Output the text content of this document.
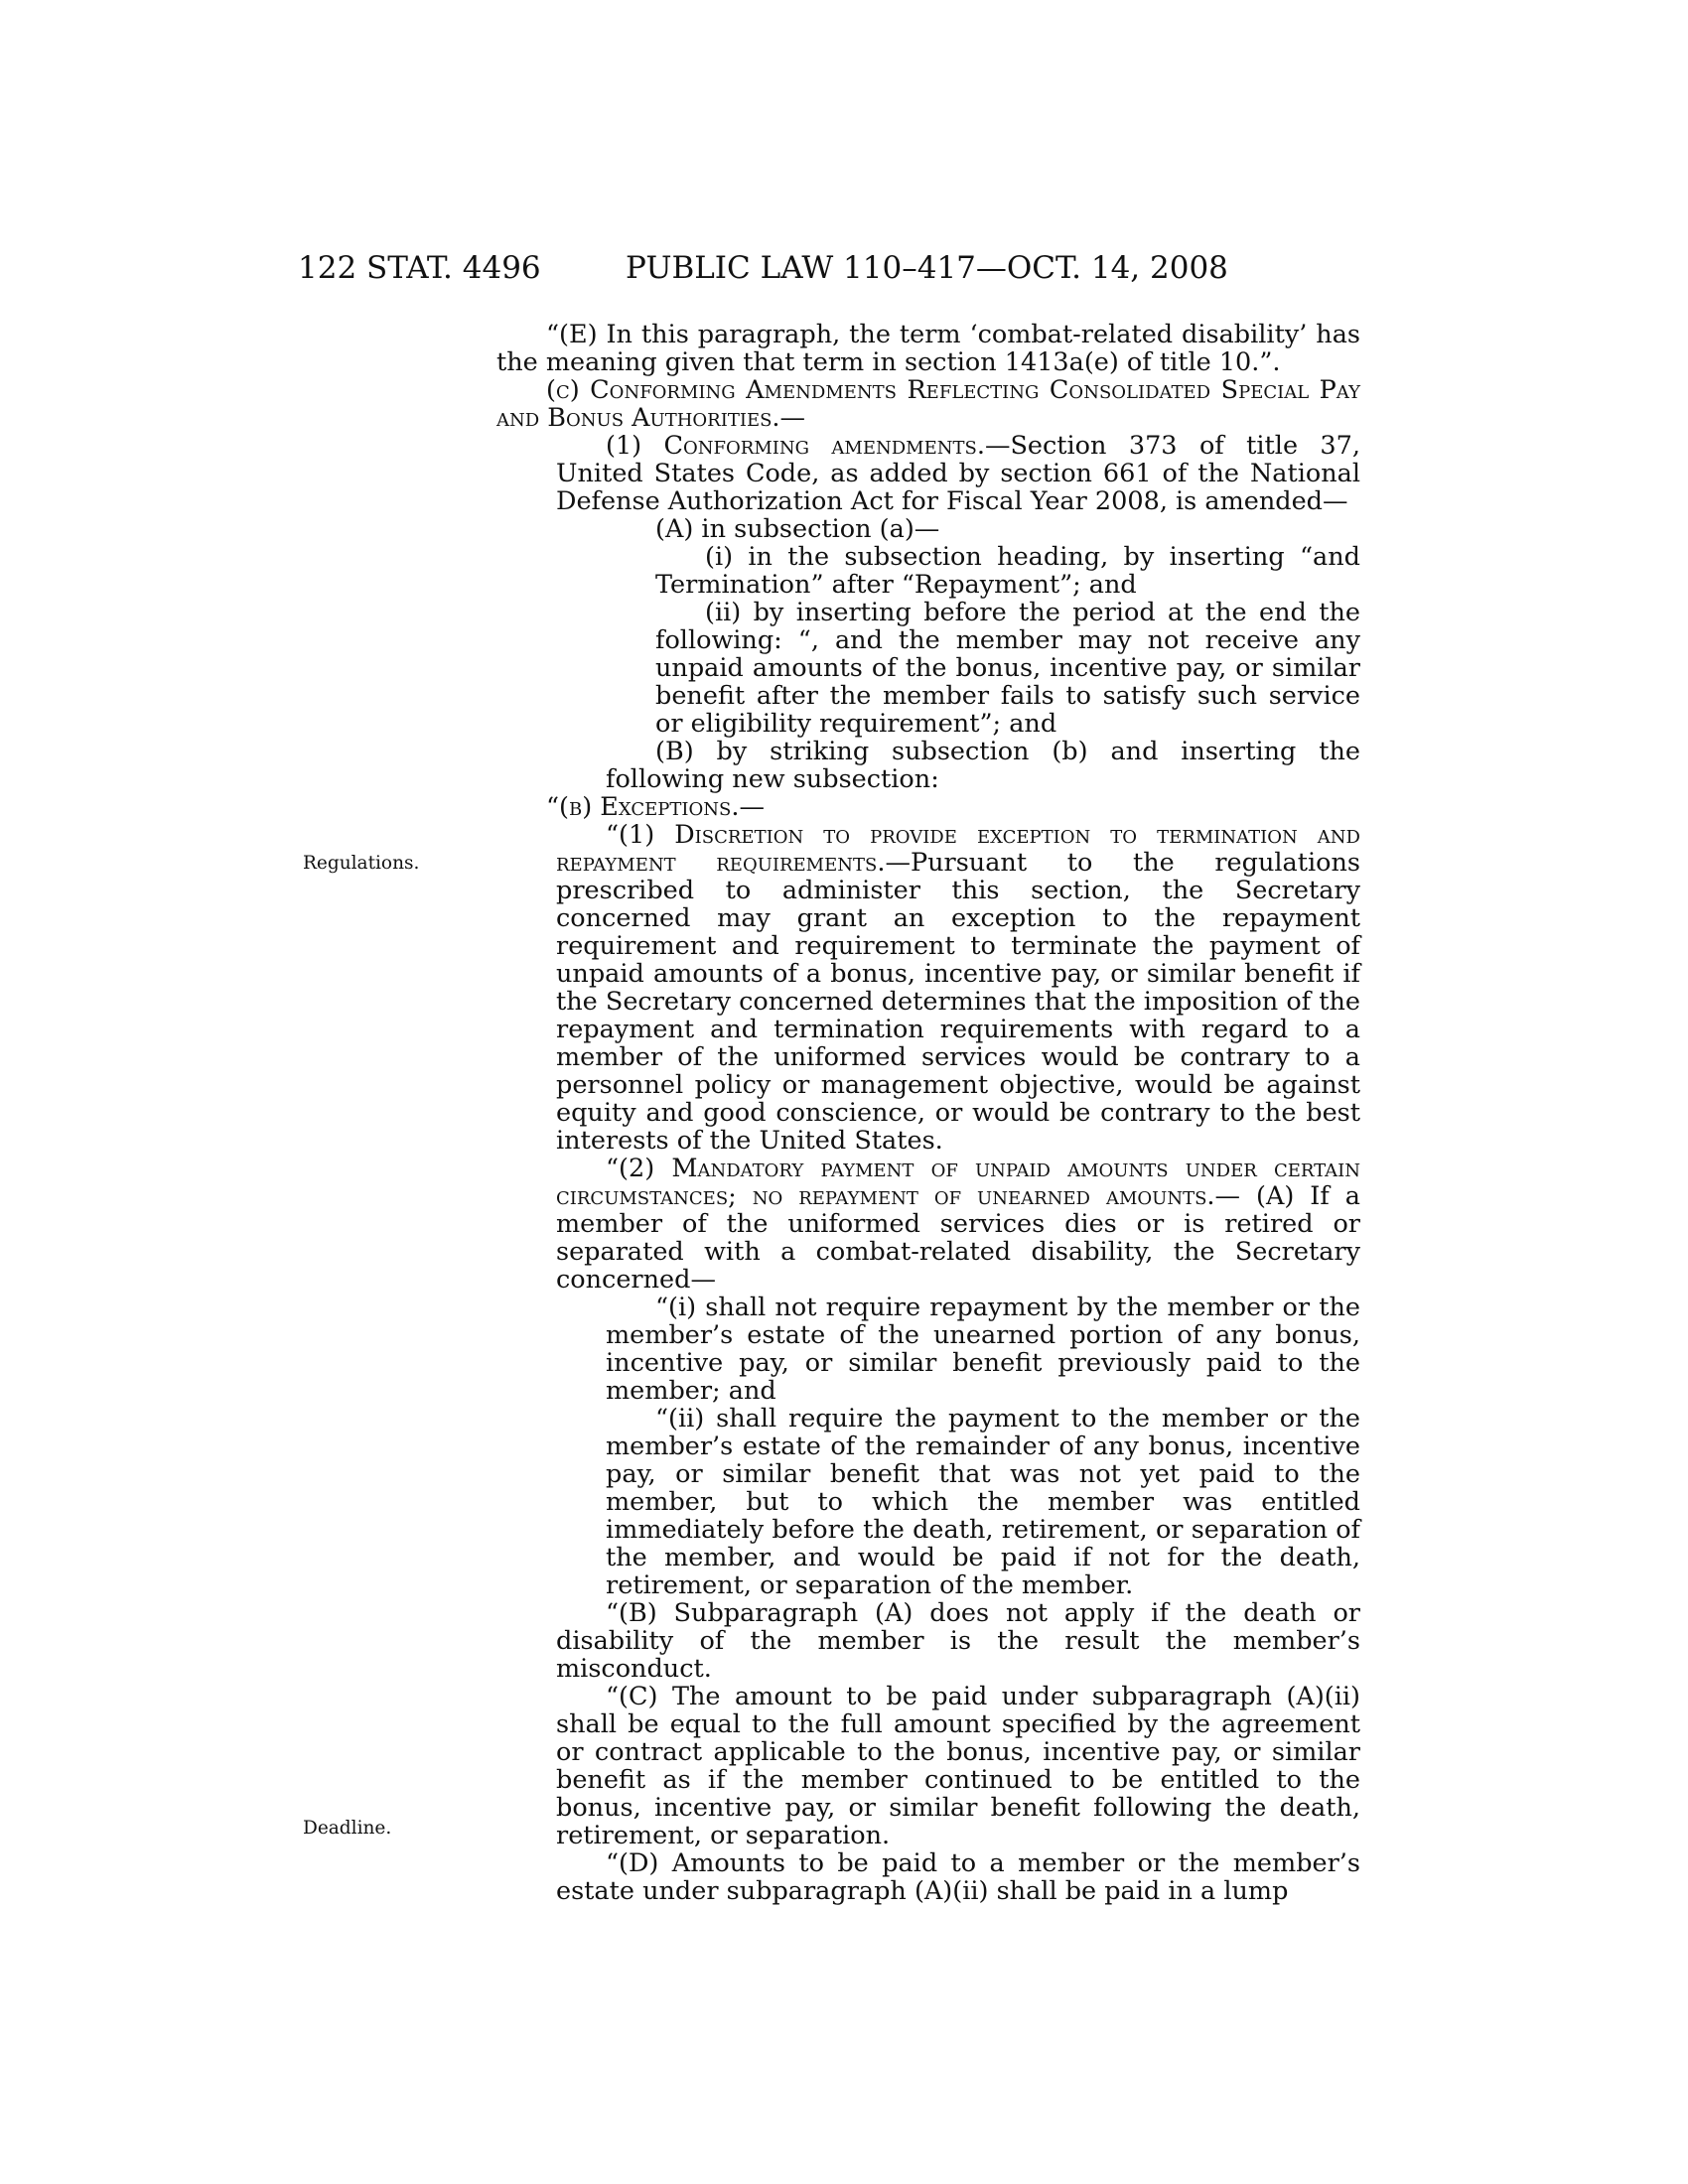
122 STAT. 4496	PUBLIC LAW 110–417—OCT. 14, 2008
Regulations.
Deadline.

“(E) In this paragraph, the term ‘combat-related disability’ has the meaning given that term in section 1413a(e) of title 10.”.

(c) Conforming Amendments Reflecting Consolidated Special Pay and Bonus Authorities.—

(1) Conforming amendments.—Section 373 of title 37, United States Code, as added by section 661 of the National Defense Authorization Act for Fiscal Year 2008, is amended—

(A) in subsection (a)—

(i) in the subsection heading, by inserting “and Termination” after “Repayment”; and

(ii) by inserting before the period at the end the following: “, and the member may not receive any unpaid amounts of the bonus, incentive pay, or similar benefit after the member fails to satisfy such service or eligibility requirement”; and

(B) by striking subsection (b) and inserting the following new subsection:

“(b) Exceptions.—

“(1) Discretion to provide exception to termination and repayment requirements.—Pursuant to the regulations prescribed to administer this section, the Secretary concerned may grant an exception to the repayment requirement and requirement to terminate the payment of unpaid amounts of a bonus, incentive pay, or similar benefit if the Secretary concerned determines that the imposition of the repayment and termination requirements with regard to a member of the uniformed services would be contrary to a personnel policy or management objective, would be against equity and good conscience, or would be contrary to the best interests of the United States.

“(2) Mandatory payment of unpaid amounts under certain circumstances; no repayment of unearned amounts.— (A) If a member of the uniformed services dies or is retired or separated with a combat-related disability, the Secretary concerned—

“(i) shall not require repayment by the member or the member’s estate of the unearned portion of any bonus, incentive pay, or similar benefit previously paid to the member; and

“(ii) shall require the payment to the member or the member’s estate of the remainder of any bonus, incentive pay, or similar benefit that was not yet paid to the member, but to which the member was entitled immediately before the death, retirement, or separation of the member, and would be paid if not for the death, retirement, or separation of the member.

“(B) Subparagraph (A) does not apply if the death or disability of the member is the result the member’s misconduct.

“(C) The amount to be paid under subparagraph (A)(ii) shall be equal to the full amount specified by the agreement or contract applicable to the bonus, incentive pay, or similar benefit as if the member continued to be entitled to the bonus, incentive pay, or similar benefit following the death, retirement, or separation.

“(D) Amounts to be paid to a member or the member’s estate under subparagraph (A)(ii) shall be paid in a lump
